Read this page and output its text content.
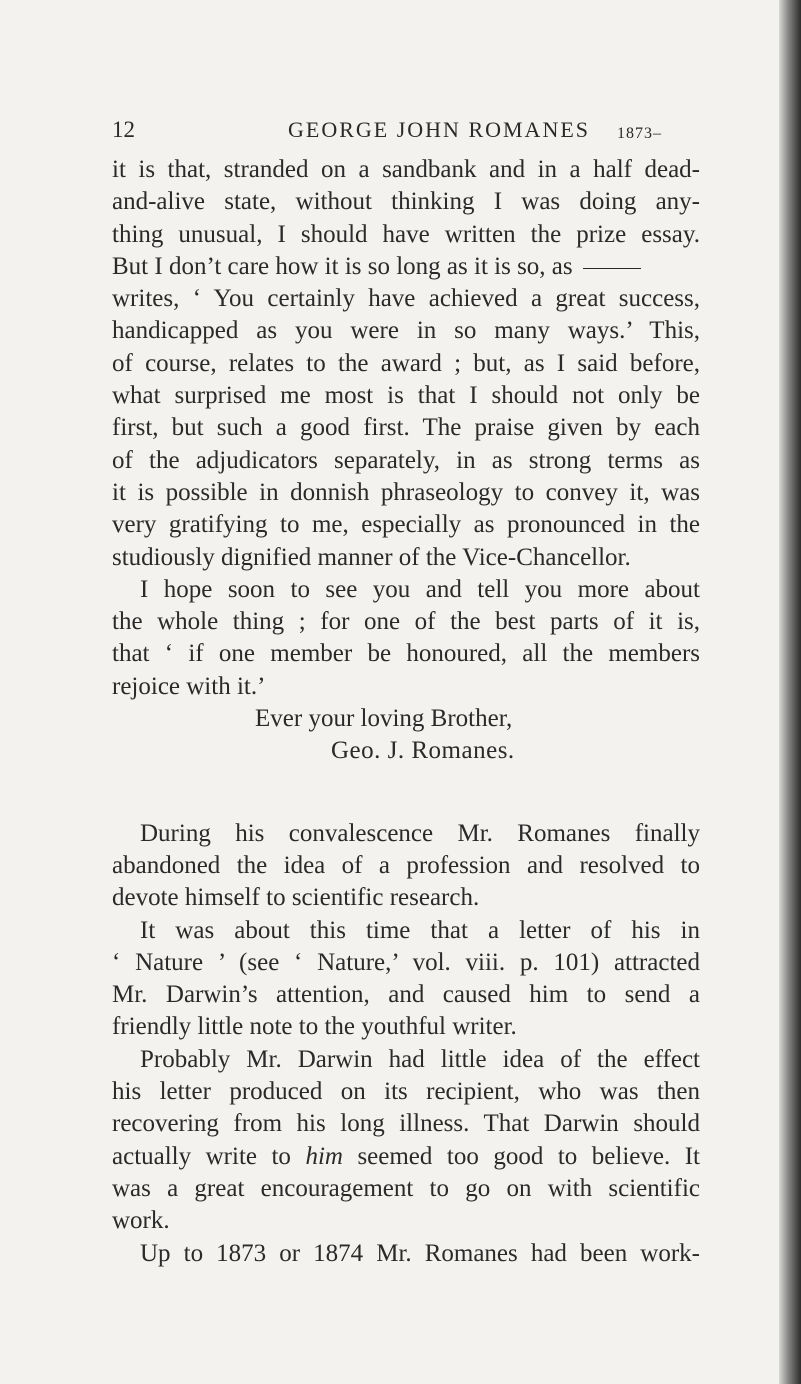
12	GEORGE JOHN ROMANES 1873–
it is that, stranded on a sandbank and in a half dead-
and-alive state, without thinking I was doing any-
thing unusual, I should have written the prize essay.
But I don’t care how it is so long as it is so, as
writes, ‘ You certainly have achieved a great success,
handicapped as you were in so many ways.’ This,
of course, relates to the award ; but, as I said before,
what surprised me most is that I should not only be
first, but such a good first. The praise given by each
of the adjudicators separately, in as strong terms as
it is possible in donnish phraseology to convey it, was
very gratifying to me, especially as pronounced in the
studiously dignified manner of the Vice-Chancellor.
I hope soon to see you and tell you more about
the whole thing ; for one of the best parts of it is,
that ‘ if one member be honoured, all the members
rejoice with it.’
Ever your loving Brother,
Geo. J. Romanes.
During his convalescence Mr. Romanes finally
abandoned the idea of a profession and resolved to
devote himself to scientific research.
It was about this time that a letter of his in
‘ Nature ’ (see ‘ Nature,’ vol. viii. p. 101) attracted
Mr. Darwin’s attention, and caused him to send a
friendly little note to the youthful writer.
Probably Mr. Darwin had little idea of the effect
his letter produced on its recipient, who was then
recovering from his long illness. That Darwin should
actually write to him seemed too good to believe. It
was a great encouragement to go on with scientific
work.
Up to 1873 or 1874 Mr. Romanes had been work-
